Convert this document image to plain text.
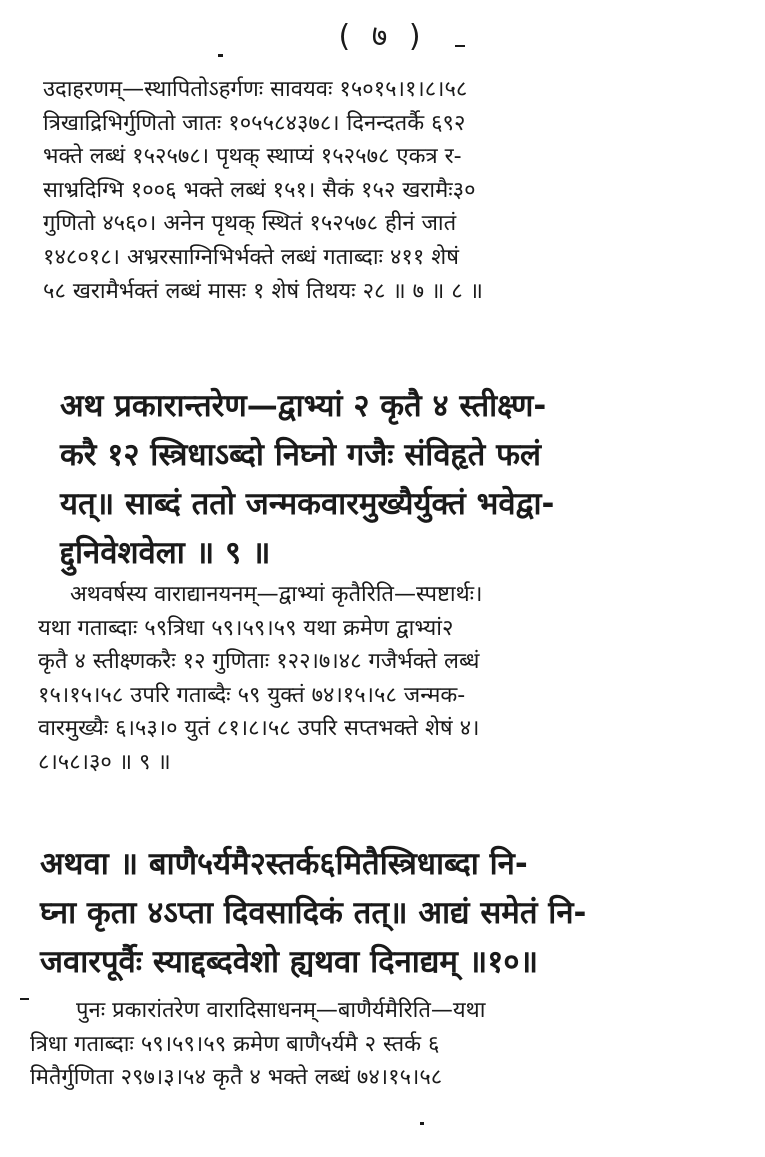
( ७ )
उदाहरणम्—स्थापितोऽहर्गणः सावयवः १५०१५।१।८।५८
त्रिखाद्रिभिर्गुणितो जातः १०५५८४३७८। दिनन्दतर्कै ६९२
भक्ते लब्धं १५२५७८। पृथक् स्थाप्यं १५२५७८ एकत्र र-
साभ्रदिग्भि १००६ भक्ते लब्धं १५१। सैकं १५२ खरामैः३०
गुणितो ४५६०। अनेन पृथक् स्थितं १५२५७८ हीनं जातं
१४८०१८। अभ्ररसाग्निभिर्भक्ते लब्धं गताब्दाः ४११ शेषं
५८ खरामैर्भक्तं लब्धं मासः १ शेषं तिथयः २८ ॥ ७ ॥ ८ ॥
अथ प्रकारान्तरेण—द्वाभ्यां २ कृतै ४ स्तीक्ष्ण-
करै १२ स्त्रिधाऽब्दो निघ्नो गजैः संविहृते फलं
यत्॥ साब्दं ततो जन्मकवारमुख्यैर्युक्तं भवेद्वा-
द्दुनिवेशवेला ॥ ९ ॥
अथवर्षस्य वाराद्यानयनम्—द्वाभ्यां कृतैरिति—स्पष्टार्थः।
यथा गताब्दाः ५९त्रिधा ५९।५९।५९ यथा क्रमेण द्वाभ्यां२
कृतै ४ स्तीक्ष्णकरैः १२ गुणिताः १२२।७।४८ गजैर्भक्ते लब्धं
१५।१५।५८ उपरि गताब्दैः ५९ युक्तं ७४।१५।५८ जन्मक-
वारमुख्यैः ६।५३।० युतं ८१।८।५८ उपरि सप्तभक्ते शेषं ४।
८।५८।३० ॥ ९ ॥
अथवा ॥ बाणै५र्यमै२स्तर्क६मितैस्त्रिधाब्दा नि-
घ्ना कृता ४ऽप्ता दिवसादिकं तत्॥ आद्यं समेतं नि-
जवारपूर्वैः स्याद्दब्दवेशो ह्यथवा दिनाद्यम् ॥१०॥
पुनः प्रकारांतरेण वारादिसाधनम्—बाणैर्यमैरिति—यथा
त्रिधा गताब्दाः ५९।५९।५९ क्रमेण बाणै५र्यमै २ स्तर्क ६
मितैर्गुणिता २९७।३।५४ कृतै ४ भक्ते लब्धं ७४।१५।५८
